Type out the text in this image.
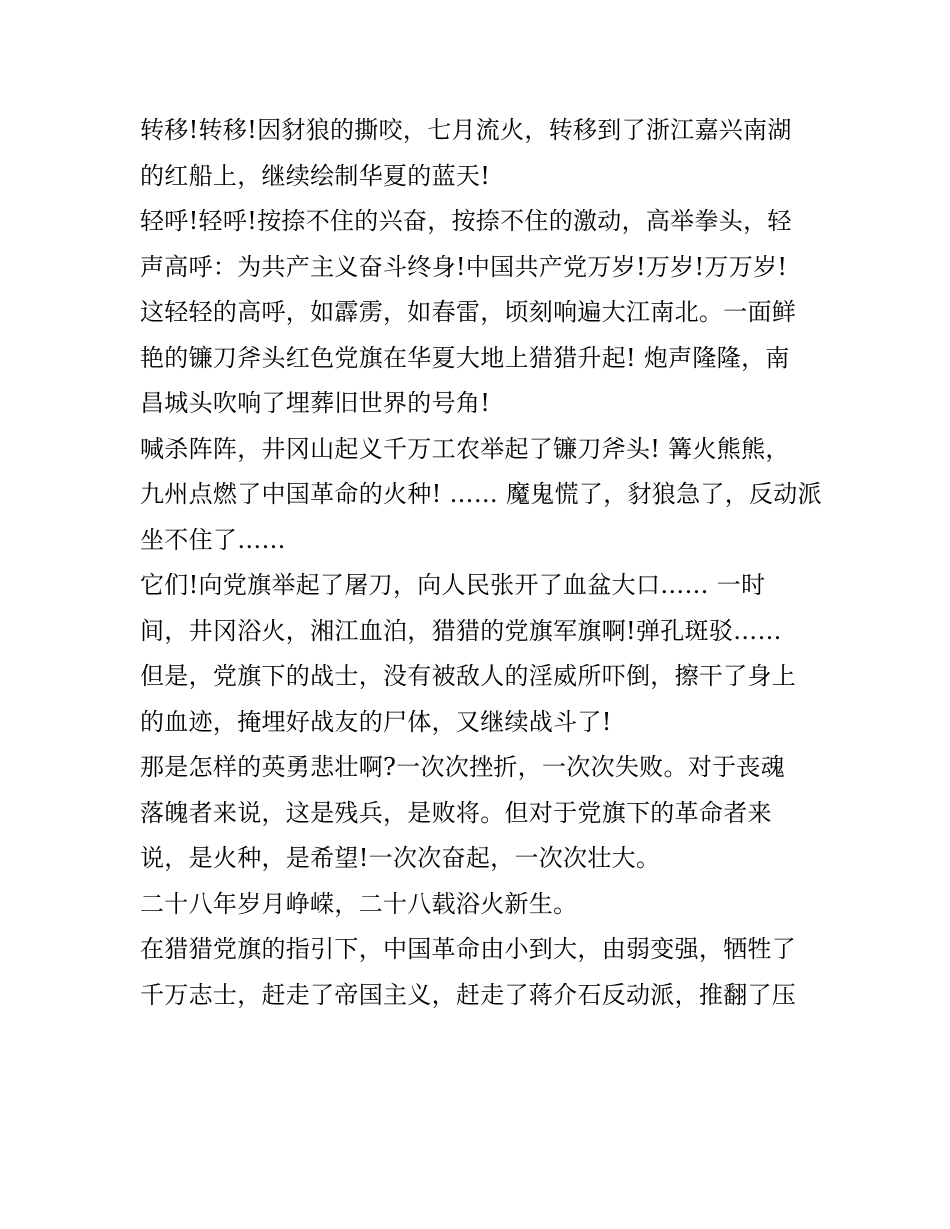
转移!转移!因豺狼的撕咬，七月流火，转移到了浙江嘉兴南湖
的红船上，继续绘制华夏的蓝天!
轻呼!轻呼!按捺不住的兴奋，按捺不住的激动，高举拳头，轻
声高呼：为共产主义奋斗终身!中国共产党万岁!万岁!万万岁!
这轻轻的高呼，如霹雳，如春雷，顷刻响遍大江南北。一面鲜
艳的镰刀斧头红色党旗在华夏大地上猎猎升起! 炮声隆隆，南
昌城头吹响了埋葬旧世界的号角!
喊杀阵阵，井冈山起义千万工农举起了镰刀斧头! 篝火熊熊，
九州点燃了中国革命的火种! …… 魔鬼慌了，豺狼急了，反动派
坐不住了……
它们!向党旗举起了屠刀，向人民张开了血盆大口…… 一时
间，井冈浴火，湘江血泊，猎猎的党旗军旗啊!弹孔斑驳……
但是，党旗下的战士，没有被敌人的淫威所吓倒，擦干了身上
的血迹，掩埋好战友的尸体，又继续战斗了!
那是怎样的英勇悲壮啊?一次次挫折，一次次失败。对于丧魂
落魄者来说，这是残兵，是败将。但对于党旗下的革命者来
说，是火种，是希望!一次次奋起，一次次壮大。
二十八年岁月峥嵘，二十八载浴火新生。
在猎猎党旗的指引下，中国革命由小到大，由弱变强，牺牲了
千万志士，赶走了帝国主义，赶走了蒋介石反动派，推翻了压
